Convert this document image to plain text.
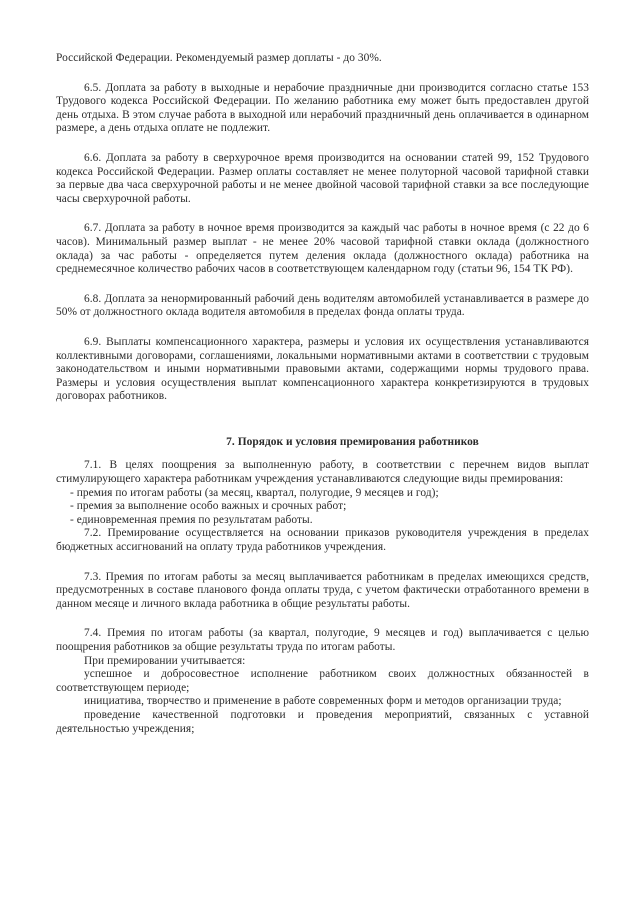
Российской Федерации. Рекомендуемый размер доплаты - до 30%.

6.5. Доплата за работу в выходные и нерабочие праздничные дни производится согласно статье 153 Трудового кодекса Российской Федерации. По желанию работника ему может быть предоставлен другой день отдыха. В этом случае работа в выходной или нерабочий праздничный день оплачивается в одинарном размере, а день отдыха оплате не подлежит.

6.6. Доплата за работу в сверхурочное время производится на основании статей 99, 152 Трудового кодекса Российской Федерации. Размер оплаты составляет не менее полуторной часовой тарифной ставки за первые два часа сверхурочной работы и не менее двойной часовой тарифной ставки за все последующие часы сверхурочной работы.

6.7. Доплата за работу в ночное время производится за каждый час работы в ночное время (с 22 до 6 часов). Минимальный размер выплат - не менее 20% часовой тарифной ставки оклада (должностного оклада) за час работы - определяется путем деления оклада (должностного оклада) работника на среднемесячное количество рабочих часов в соответствующем календарном году (статьи 96, 154 ТК РФ).

6.8. Доплата за ненормированный рабочий день водителям автомобилей устанавливается в размере до 50% от должностного оклада водителя автомобиля в пределах фонда оплаты труда.

6.9. Выплаты компенсационного характера, размеры и условия их осуществления устанавливаются коллективными договорами, соглашениями, локальными нормативными актами в соответствии с трудовым законодательством и иными нормативными правовыми актами, содержащими нормы трудового права. Размеры и условия осуществления выплат компенсационного характера конкретизируются в трудовых договорах работников.

7. Порядок и условия премирования работников

7.1. В целях поощрения за выполненную работу, в соответствии с перечнем видов выплат стимулирующего характера работникам учреждения устанавливаются следующие виды премирования:

- премия по итогам работы (за месяц, квартал, полугодие, 9 месяцев и год);

- премия за выполнение особо важных и срочных работ;

- единовременная премия по результатам работы.

7.2. Премирование осуществляется на основании приказов руководителя учреждения в пределах бюджетных ассигнований на оплату труда работников учреждения.

7.3. Премия по итогам работы за месяц выплачивается работникам в пределах имеющихся средств, предусмотренных в составе планового фонда оплаты труда, с учетом фактически отработанного времени в данном месяце и личного вклада работника в общие результаты работы.

7.4. Премия по итогам работы (за квартал, полугодие, 9 месяцев и год) выплачивается с целью поощрения работников за общие результаты труда по итогам работы.

При премировании учитывается:

успешное и добросовестное исполнение работником своих должностных обязанностей в соответствующем периоде;

инициатива, творчество и применение в работе современных форм и методов организации труда;

проведение качественной подготовки и проведения мероприятий, связанных с уставной деятельностью учреждения;
